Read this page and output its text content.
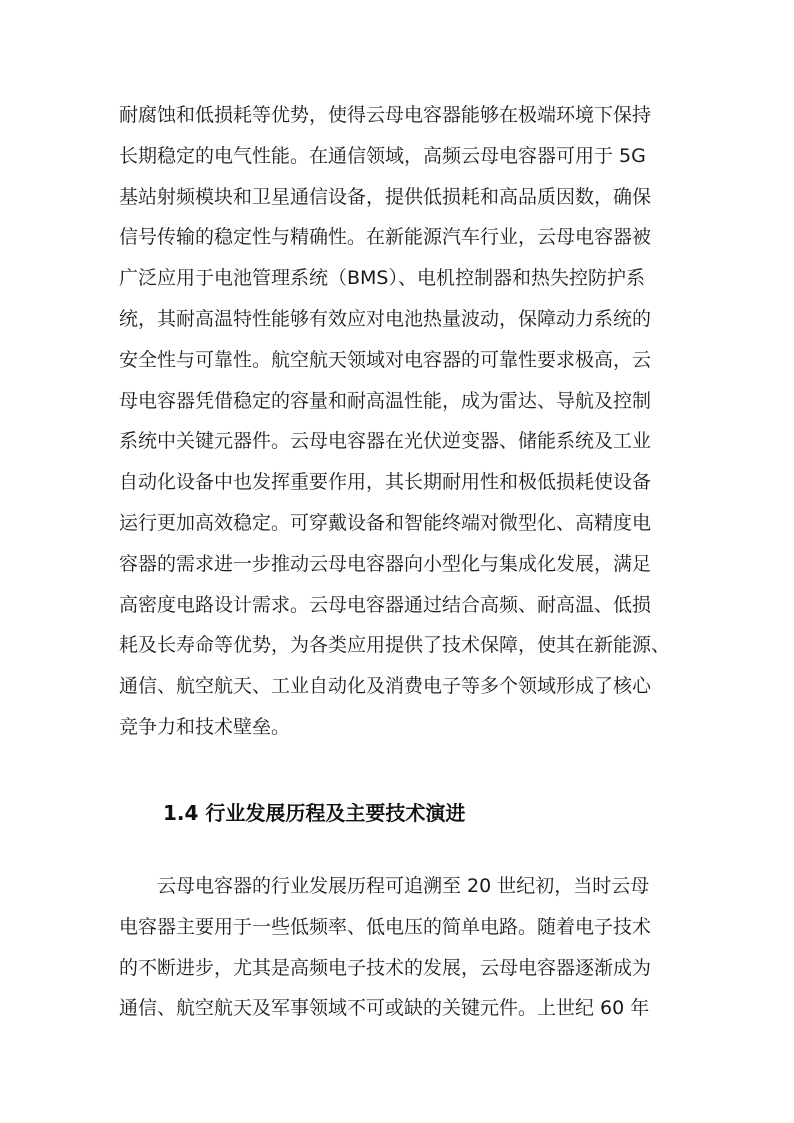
耐腐蚀和低损耗等优势，使得云母电容器能够在极端环境下保持
长期稳定的电气性能。在通信领域，高频云母电容器可用于 5G
基站射频模块和卫星通信设备，提供低损耗和高品质因数，确保
信号传输的稳定性与精确性。在新能源汽车行业，云母电容器被
广泛应用于电池管理系统（BMS）、电机控制器和热失控防护系
统，其耐高温特性能够有效应对电池热量波动，保障动力系统的
安全性与可靠性。航空航天领域对电容器的可靠性要求极高，云
母电容器凭借稳定的容量和耐高温性能，成为雷达、导航及控制
系统中关键元器件。云母电容器在光伏逆变器、储能系统及工业
自动化设备中也发挥重要作用，其长期耐用性和极低损耗使设备
运行更加高效稳定。可穿戴设备和智能终端对微型化、高精度电
容器的需求进一步推动云母电容器向小型化与集成化发展，满足
高密度电路设计需求。云母电容器通过结合高频、耐高温、低损
耗及长寿命等优势，为各类应用提供了技术保障，使其在新能源、
通信、航空航天、工业自动化及消费电子等多个领域形成了核心
竞争力和技术壁垒。
1.4 行业发展历程及主要技术演进
云母电容器的行业发展历程可追溯至 20 世纪初，当时云母
电容器主要用于一些低频率、低电压的简单电路。随着电子技术
的不断进步，尤其是高频电子技术的发展，云母电容器逐渐成为
通信、航空航天及军事领域不可或缺的关键元件。上世纪 60 年
